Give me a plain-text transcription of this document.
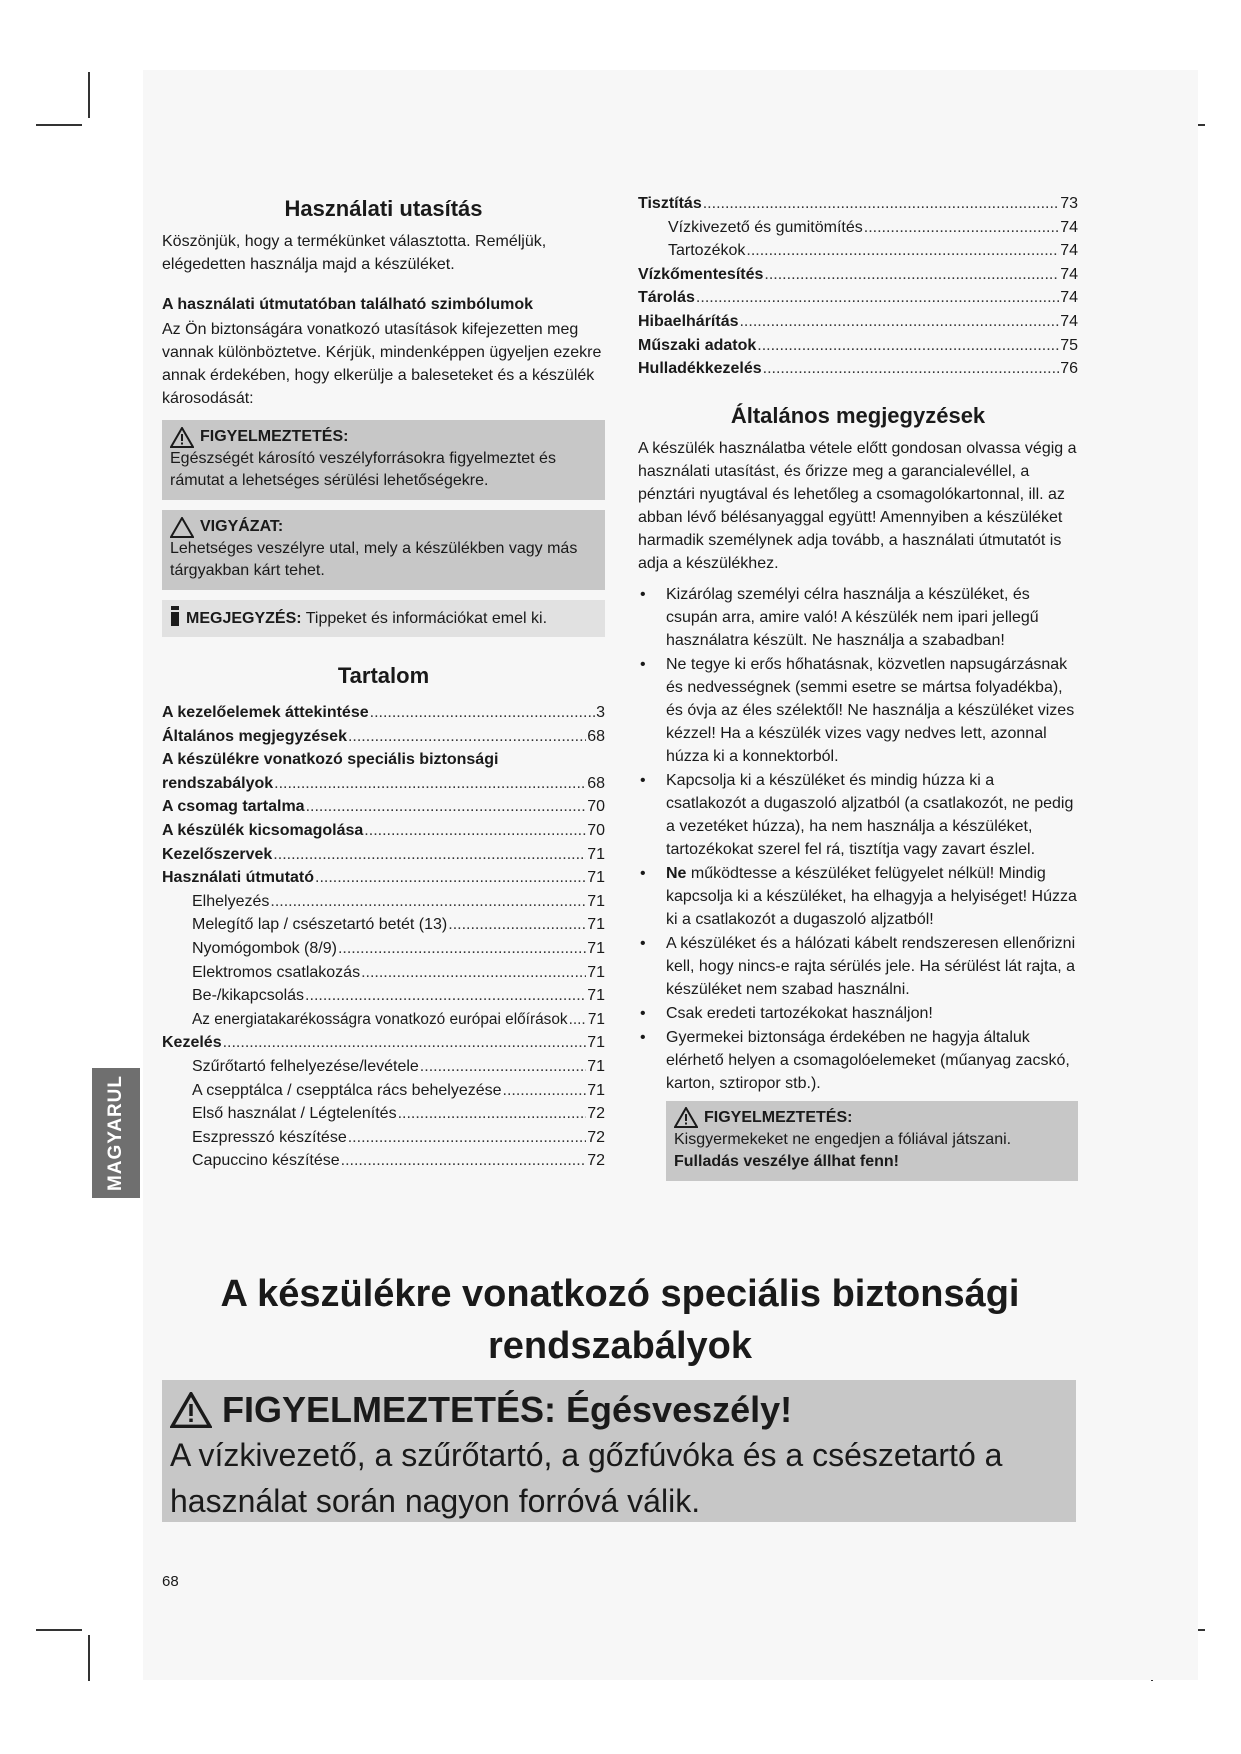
Használati utasítás

Köszönjük, hogy a termékünket választotta. Reméljük, elégedetten használja majd a készüléket.

A használati útmutatóban található szimbólumok

Az Ön biztonságára vonatkozó utasítások kifejezetten meg vannak különböztetve. Kérjük, mindenképpen ügyeljen ezekre annak érdekében, hogy elkerülje a baleseteket és a készülék károsodását:

FIGYELMEZTETÉS:

Egészségét károsító veszélyforrásokra figyelmeztet és rámutat a lehetséges sérülési lehetőségekre.

VIGYÁZAT:

Lehetséges veszélyre utal, mely a készülékben vagy más tárgyakban kárt tehet.

MEGJEGYZÉS: Tippeket és információkat emel ki.
Tartalom
A kezelőelemek áttekintése .....	3
Általános megjegyzések .....	68
A készülékre vonatkozó speciális biztonsági
rendszabályok .....	68
A csomag tartalma .....	70
A készülék kicsomagolása .....	70
Kezelőszervek .....	71
Használati útmutató .....	71
Elhelyezés .....	71
Melegítő lap / csészetartó betét (13) .....	71
Nyomógombok (8/9) .....	71
Elektromos csatlakozás .....	71
Be-/kikapcsolás .....	71
Az energiatakarékosságra vonatkozó európai előírások ..... 71
Kezelés .....	71
Szűrőtartó felhelyezése/levétele .....	71
A csepptálca / csepptálca rács behelyezése .....	71
Első használat / Légtelenítés .....	72
Eszpresszó készítése .....	72
Capuccino készítése .....	72
Tisztítás .....	73
Vízkivezető és gumitömítés .....	74
Tartozékok .....	74
Vízkőmentesítés .....	74
Tárolás .....	74
Hibaelhárítás .....	74
Műszaki adatok .....	75
Hulladékkezelés .....	76
Általános megjegyzések

A készülék használatba vétele előtt gondosan olvassa végig a használati utasítást, és őrizze meg a garancialevéllel, a pénztári nyugtával és lehetőleg a csomagolókartonnal, ill. az abban lévő bélésanyaggal együtt! Amennyiben a készüléket harmadik személynek adja tovább, a használati útmutatót is adja a készülékhez.

• Kizárólag személyi célra használja a készüléket, és csupán arra, amire való! A készülék nem ipari jellegű használatra készült. Ne használja a szabadban!
• Ne tegye ki erős hőhatásnak, közvetlen napsugárzásnak és nedvességnek (semmi esetre se mártsa folyadékba), és óvja az éles szélektől! Ne használja a készüléket vizes kézzel! Ha a készülék vizes vagy nedves lett, azonnal húzza ki a konnektorból.
• Kapcsolja ki a készüléket és mindig húzza ki a csatlakozót a dugaszoló aljzatból (a csatlakozót, ne pedig a vezetéket húzza), ha nem használja a készüléket, tartozékokat szerel fel rá, tisztítja vagy zavart észlel.
• Ne működtesse a készüléket felügyelet nélkül! Mindig kapcsolja ki a készüléket, ha elhagyja a helyiséget! Húzza ki a csatlakozót a dugaszoló aljzatból!
• A készüléket és a hálózati kábelt rendszeresen ellenőrizni kell, hogy nincs-e rajta sérülés jele. Ha sérülést lát rajta, a készüléket nem szabad használni.
• Csak eredeti tartozékokat használjon!
• Gyermekei biztonsága érdekében ne hagyja általuk elérhető helyen a csomagolóelemeket (műanyag zacskó, karton, sztiropor stb.).
FIGYELMEZTETÉS:

Kisgyermekeket ne engedjen a fóliával játszani. Fulladás veszélye állhat fenn!

A készülékre vonatkozó speciális biztonsági rendszabályok
FIGYELMEZTETÉS: Égésveszély!

A vízkivezető, a szűrőtartó, a gőzfúvóka és a csészetartó a használat során nagyon forróvá válik.

MAGYARUL
68
